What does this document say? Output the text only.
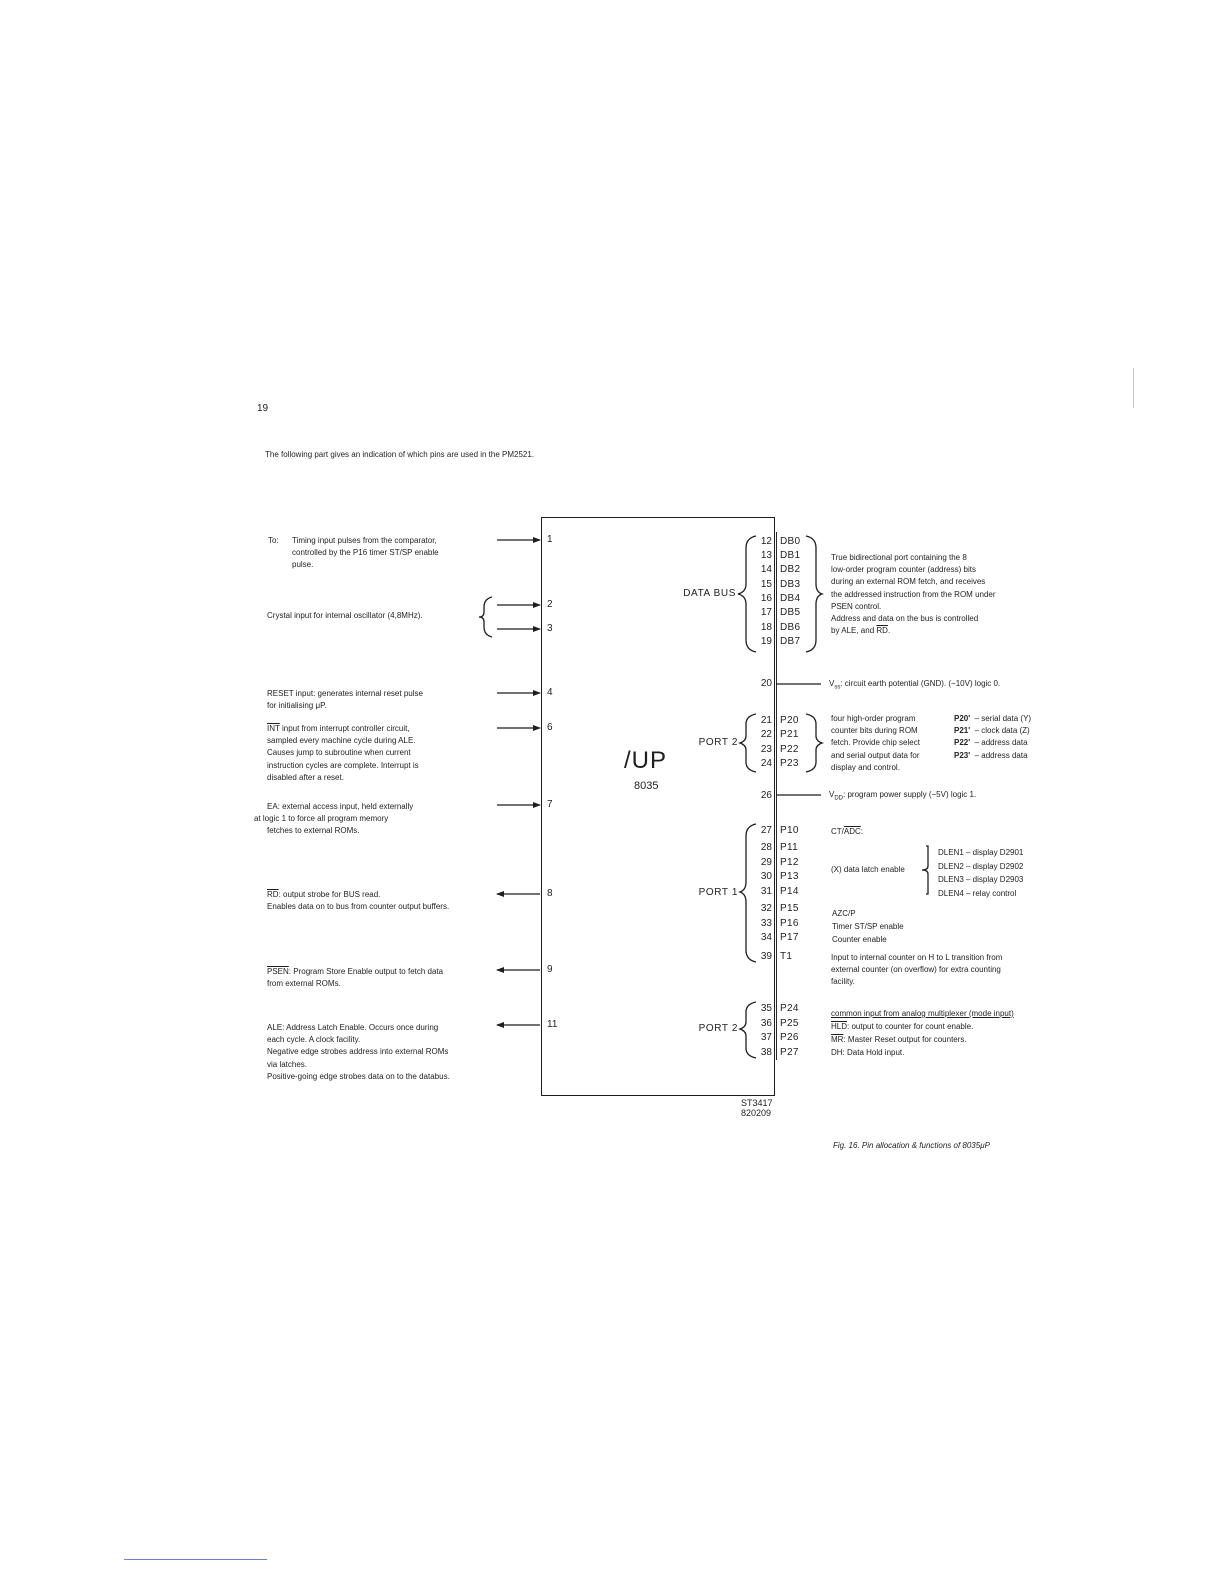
19
The following part gives an indication of which pins are used in the PM2521.
1
2
3
4
6
7
8
9
11
To: Timing input pulses from the comparator,
controlled by the P16 timer ST/SP enable
pulse.
Crystal input for internal oscillator (4,8MHz).
RESET input: generates internal reset pulse
for initialising μP.
$\overline{INT}$ input from interrupt controller circuit,
sampled every machine cycle during ALE.
Causes jump to subroutine when current
instruction cycles are complete. Interrupt is
disabled after a reset.
EA: external access input, held externally
at logic 1 to force all program memory
fetches to external ROMs.
$\overline{RD}$: output strobe for BUS read.
Enables data on to bus from counter output buffers.
PSEN: Program Store Enable output to fetch data
from external ROMs.
ALE: Address Latch Enable. Occurs once during
each cycle. A clock facility.
Negative edge strobes address into external ROMs
via latches.
Positive-going edge strobes data on to the databus.
/UP
8035
DATA BUS
PORT 2
PORT 1
PORT 2
12 DB0
13 DB1
14 DB2
15 DB3
16 DB4
17 DB5
18 DB6
19 DB7
20
21 P20
22 P21
23 P22
24 P23
26
27 P10
28 P11
29 P12
30 P13
31 P14
32 P15
33 P16
34 P17
39 T1
35 P24
36 P25
37 P26
38 P27
True bidirectional port containing the 8
low-order program counter (address) bits
during an external ROM fetch, and receives
the addressed instruction from the ROM under
PSEN control.
Address and data on the bus is controlled
by ALE, and $\overline{RD}$.
$V_{ss}$: circuit earth potential (GND). (−10V) logic 0.
four high-order program
counter bits during ROM
fetch. Provide chip select
and serial output data for
display and control.
P20' – serial data (Y)
P21' – clock data (Z)
P22' – address data
P23' – address data
$V_{DD}$: program power supply (−5V) logic 1.
$CT/\overline{ADC}$:
(X) data latch enable
DLEN1 – display D2901
DLEN2 – display D2902
DLEN3 – display D2903
DLEN4 – relay control
AZC/P
Timer ST/SP enable
Counter enable
Input to internal counter on H to L transition from
external counter (on overflow) for extra counting
facility.
common input from analog multiplexer (mode input)
$\overline{HLD}$: output to counter for count enable.
$\overline{MR}$: Master Reset output for counters.
DH: Data Hold input.
ST3417
820209
Fig. 16. Pin allocation & functions of 8035μP
